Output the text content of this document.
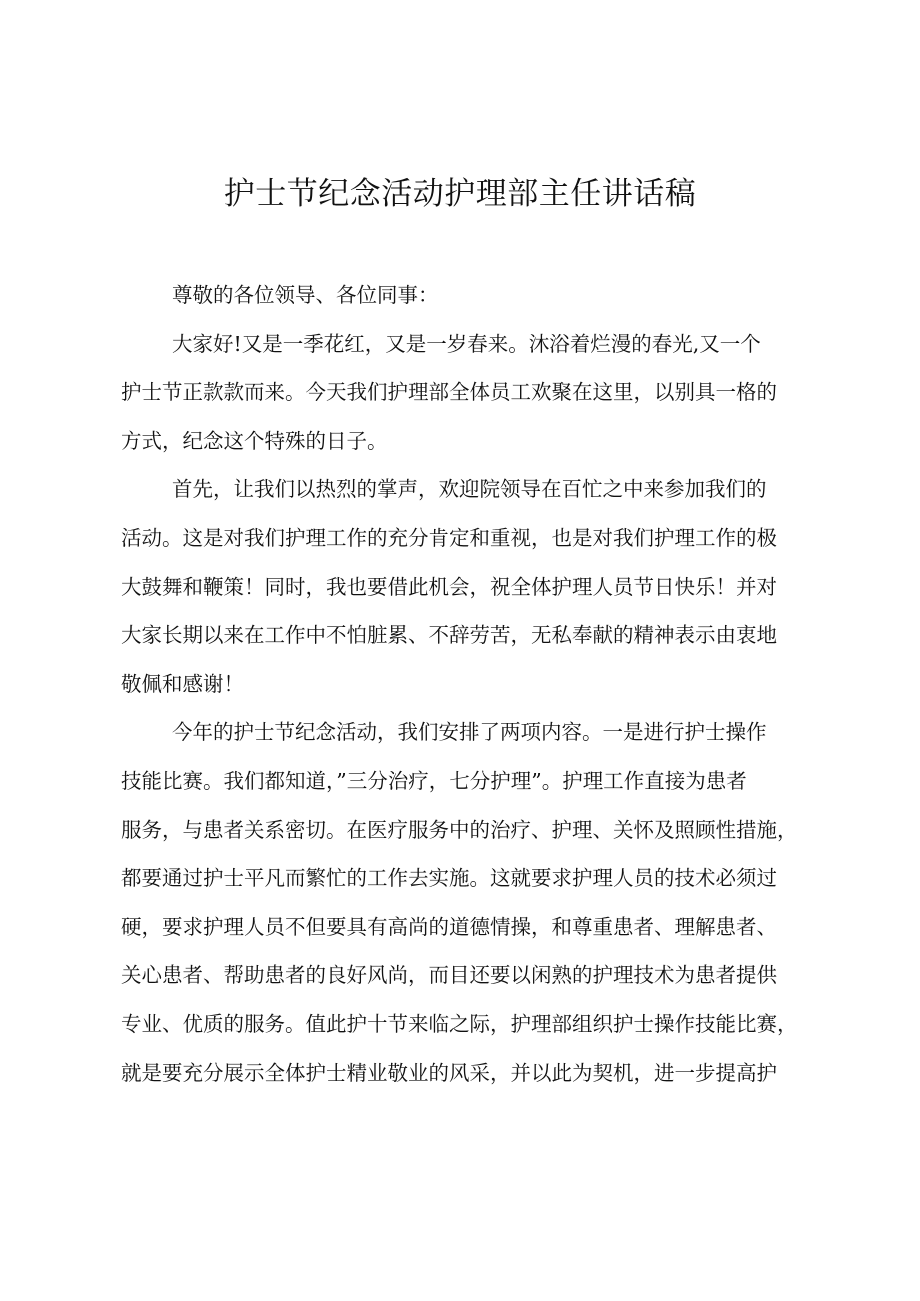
护士节纪念活动护理部主任讲话稿
尊敬的各位领导、各位同事：
大家好!又是一季花红，又是一岁春来。沐浴着烂漫的春光,又一个
护士节正款款而来。今天我们护理部全体员工欢聚在这里，以别具一格的
方式，纪念这个特殊的日子。
首先，让我们以热烈的掌声，欢迎院领导在百忙之中来参加我们的
活动。这是对我们护理工作的充分肯定和重视，也是对我们护理工作的极
大鼓舞和鞭策！同时，我也要借此机会，祝全体护理人员节日快乐！并对
大家长期以来在工作中不怕脏累、不辞劳苦，无私奉献的精神表示由衷地
敬佩和感谢！
今年的护士节纪念活动，我们安排了两项内容。一是进行护士操作
技能比赛。我们都知道，”三分治疗，七分护理”。护理工作直接为患者
服务，与患者关系密切。在医疗服务中的治疗、护理、关怀及照顾性措施，
都要通过护士平凡而繁忙的工作去实施。这就要求护理人员的技术必须过
硬，要求护理人员不但要具有高尚的道德情操，和尊重患者、理解患者、
关心患者、帮助患者的良好风尚，而目还要以闲熟的护理技术为患者提供
专业、优质的服务。值此护十节来临之际，护理部组织护士操作技能比赛，
就是要充分展示全体护士精业敬业的风采，并以此为契机，进一步提高护
